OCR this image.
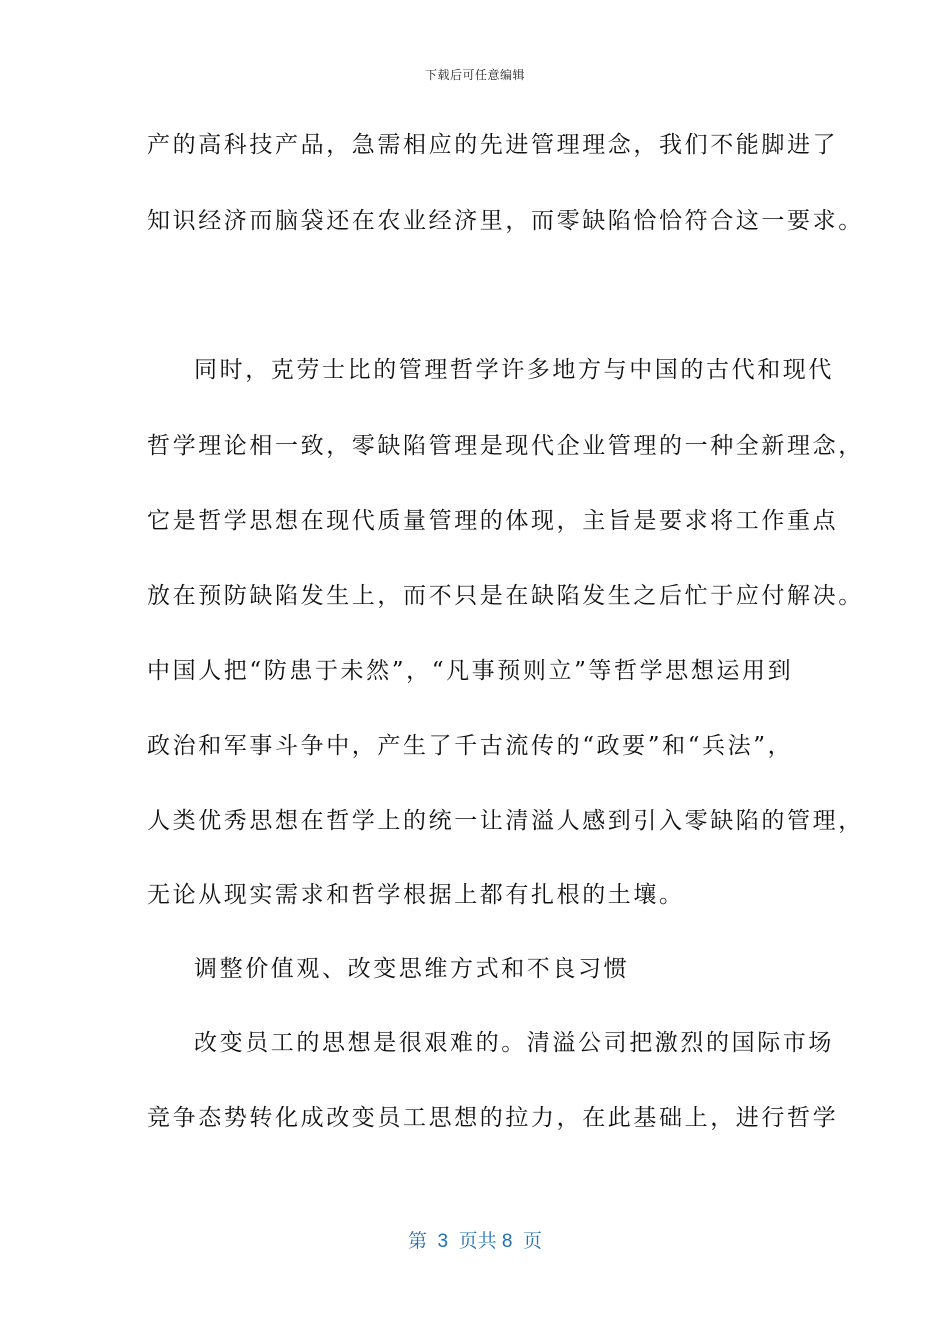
下载后可任意编辑
产的高科技产品，急需相应的先进管理理念，我们不能脚进了
知识经济而脑袋还在农业经济里，而零缺陷恰恰符合这一要求。
同时，克劳士比的管理哲学许多地方与中国的古代和现代
哲学理论相一致，零缺陷管理是现代企业管理的一种全新理念，
它是哲学思想在现代质量管理的体现，主旨是要求将工作重点
放在预防缺陷发生上，而不只是在缺陷发生之后忙于应付解决。
中国人把“防患于未然”，“凡事预则立”等哲学思想运用到
政治和军事斗争中，产生了千古流传的“政要”和“兵法”，
人类优秀思想在哲学上的统一让清溢人感到引入零缺陷的管理，
无论从现实需求和哲学根据上都有扎根的土壤。
调整价值观、改变思维方式和不良习惯
改变员工的思想是很艰难的。清溢公司把激烈的国际市场
竞争态势转化成改变员工思想的拉力，在此基础上，进行哲学
第  3  页共 8  页
